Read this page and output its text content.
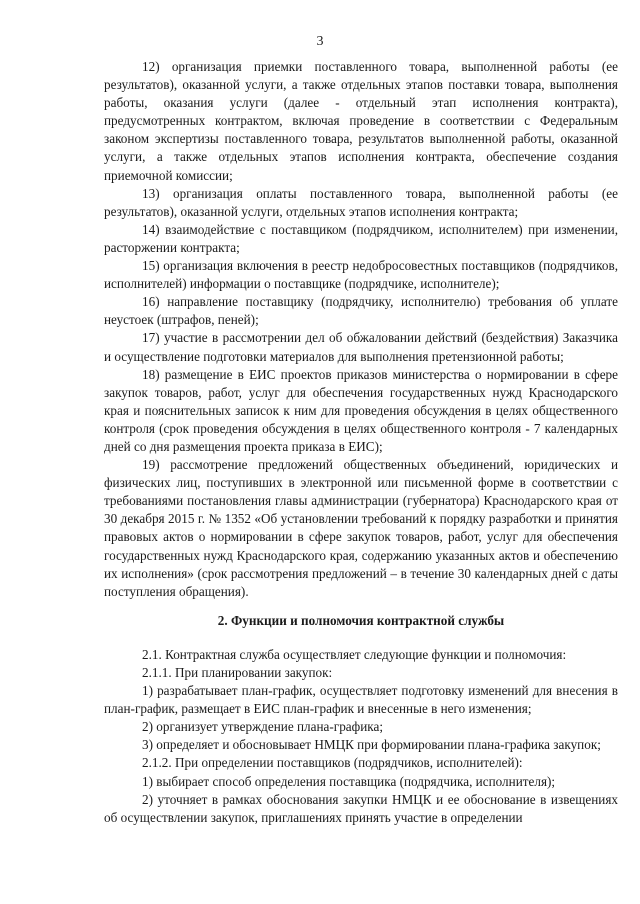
3

12) организация приемки поставленного товара, выполненной работы (ее результатов), оказанной услуги, а также отдельных этапов поставки товара, выполнения работы, оказания услуги (далее - отдельный этап исполнения контракта), предусмотренных контрактом, включая проведение в соответствии с Федеральным законом экспертизы поставленного товара, результатов выполненной работы, оказанной услуги, а также отдельных этапов исполнения контракта, обеспечение создания приемочной комиссии;

13) организация оплаты поставленного товара, выполненной работы (ее результатов), оказанной услуги, отдельных этапов исполнения контракта;

14) взаимодействие с поставщиком (подрядчиком, исполнителем) при изменении, расторжении контракта;

15) организация включения в реестр недобросовестных поставщиков (подрядчиков, исполнителей) информации о поставщике (подрядчике, исполнителе);

16) направление поставщику (подрядчику, исполнителю) требования об уплате неустоек (штрафов, пеней);

17) участие в рассмотрении дел об обжаловании действий (бездействия) Заказчика и осуществление подготовки материалов для выполнения претензионной работы;

18) размещение в ЕИС проектов приказов министерства о нормировании в сфере закупок товаров, работ, услуг для обеспечения государственных нужд Краснодарского края и пояснительных записок к ним для проведения обсуждения в целях общественного контроля (срок проведения обсуждения в целях общественного контроля - 7 календарных дней со дня размещения проекта приказа в ЕИС);

19) рассмотрение предложений общественных объединений, юридических и физических лиц, поступивших в электронной или письменной форме в соответствии с требованиями постановления главы администрации (губернатора) Краснодарского края от 30 декабря 2015 г. № 1352 «Об установлении требований к порядку разработки и принятия правовых актов о нормировании в сфере закупок товаров, работ, услуг для обеспечения государственных нужд Краснодарского края, содержанию указанных актов и обеспечению их исполнения» (срок рассмотрения предложений – в течение 30 календарных дней с даты поступления обращения).

2. Функции и полномочия контрактной службы

2.1. Контрактная служба осуществляет следующие функции и полномочия:

2.1.1. При планировании закупок:

1) разрабатывает план-график, осуществляет подготовку изменений для внесения в план-график, размещает в ЕИС план-график и внесенные в него изменения;

2) организует утверждение плана-графика;

3) определяет и обосновывает НМЦК при формировании плана-графика закупок;

2.1.2. При определении поставщиков (подрядчиков, исполнителей):

1) выбирает способ определения поставщика (подрядчика, исполнителя);

2) уточняет в рамках обоснования закупки НМЦК и ее обоснование в извещениях об осуществлении закупок, приглашениях принять участие в определении
